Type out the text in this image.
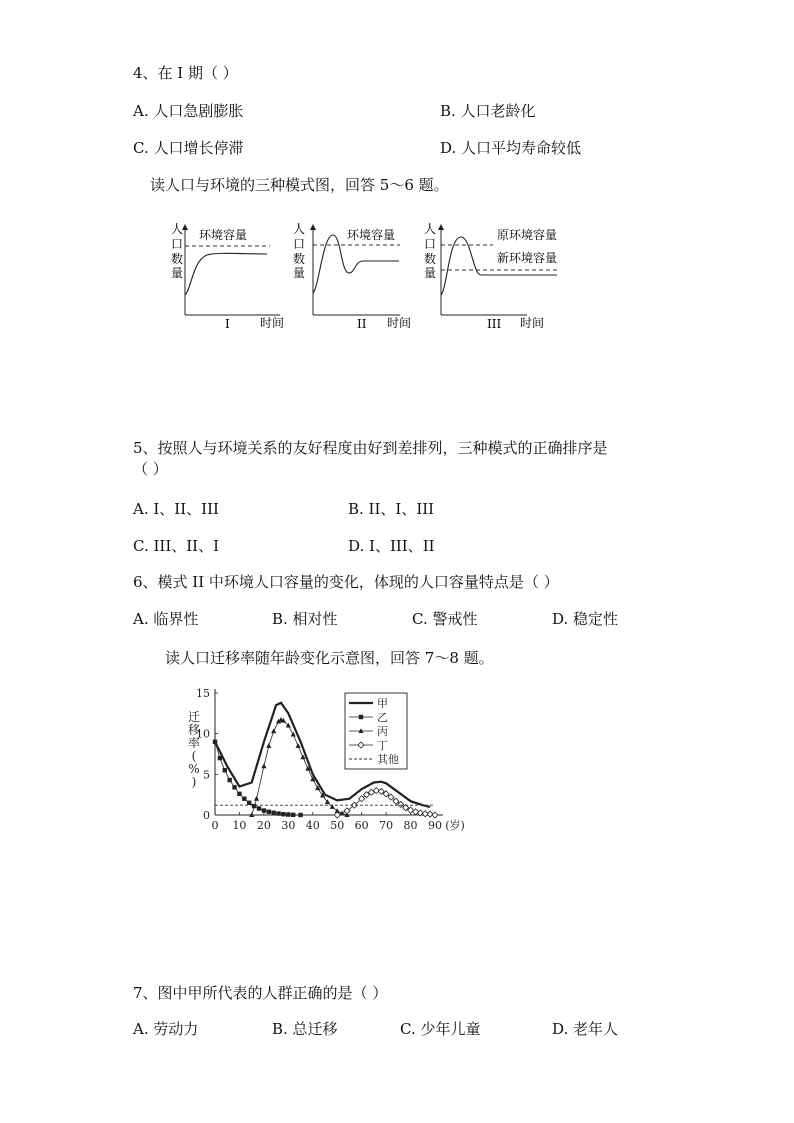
4、在 I 期（ ）
A. 人口急剧膨胀	B. 人口老龄化
C. 人口增长停滞	D. 人口平均寿命较低
读人口与环境的三种模式图，回答 5～6 题。
人
口
数
量
环境容量
I	时间
人
口
数
量
环境容量
II 时间
人
口
数
量
原环境容量
新环境容量
III 时间
5、按照人与环境关系的友好程度由好到差排列，三种模式的正确排序是
（ ）
A. I、II、III	B. II、I、III
C. III、II、I	D. I、III、II
6、模式 II 中环境人口容量的变化，体现的人口容量特点是（ ）
A. 临界性	B. 相对性	C. 警戒性	D. 稳定性
读人口迁移率随年龄变化示意图，回答 7～8 题。
0 10 20 30 40 50 60 70 80 90 (岁)
0
5
10
15
迁
移
率
(
%
)
甲
乙
丙
丁
其他
7、图中甲所代表的人群正确的是（ ）
A. 劳动力	B. 总迁移	C. 少年儿童	D. 老年人
